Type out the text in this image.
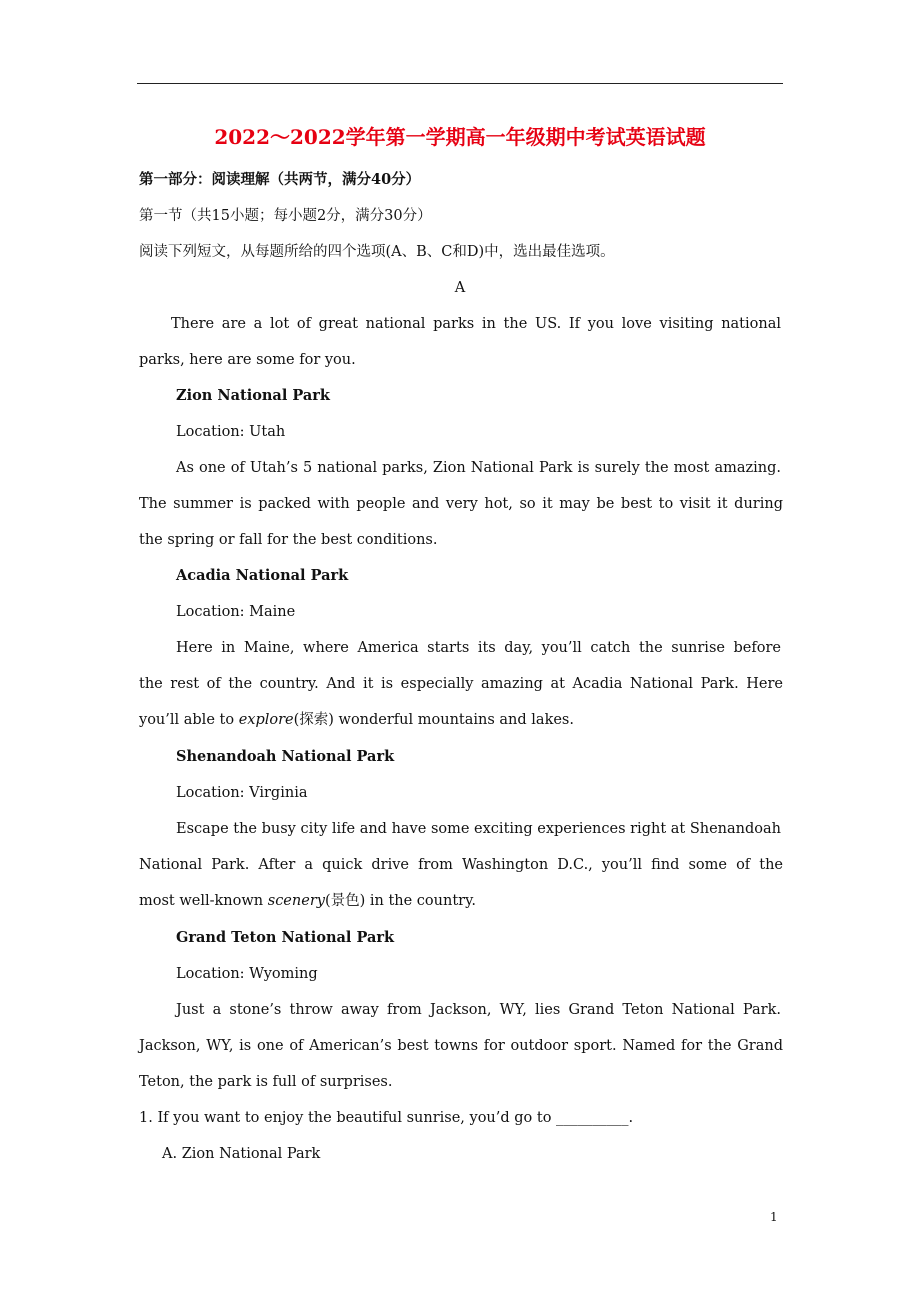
2022～2022学年第一学期高一年级期中考试英语试题
第一部分：阅读理解（共两节，满分40分）
第一节（共15小题；每小题2分，满分30分）
阅读下列短文，从每题所给的四个选项(A、B、C和D)中，选出最佳选项。
A
There are a lot of great national parks in the US. If you love visiting national
parks, here are some for you.
Zion National Park
Location: Utah
As one of Utah’s 5 national parks, Zion National Park is surely the most amazing.
The summer is packed with people and very hot, so it may be best to visit it during
the spring or fall for the best conditions.
Acadia National Park
Location: Maine
Here in Maine, where America starts its day, you’ll catch the sunrise before
the rest of the country. And it is especially amazing at Acadia National Park. Here
you’ll able to explore(探索) wonderful mountains and lakes.
Shenandoah National Park
Location: Virginia
Escape the busy city life and have some exciting experiences right at Shenandoah
National Park. After a quick drive from Washington D.C., you’ll find some of the
most well-known scenery(景色) in the country.
Grand Teton National Park
Location: Wyoming
Just a stone’s throw away from Jackson, WY, lies Grand Teton National Park.
Jackson, WY, is one of American’s best towns for outdoor sport. Named for the Grand
Teton, the park is full of surprises.
1. If you want to enjoy the beautiful sunrise, you’d go to __________.
A. Zion National Park
1
